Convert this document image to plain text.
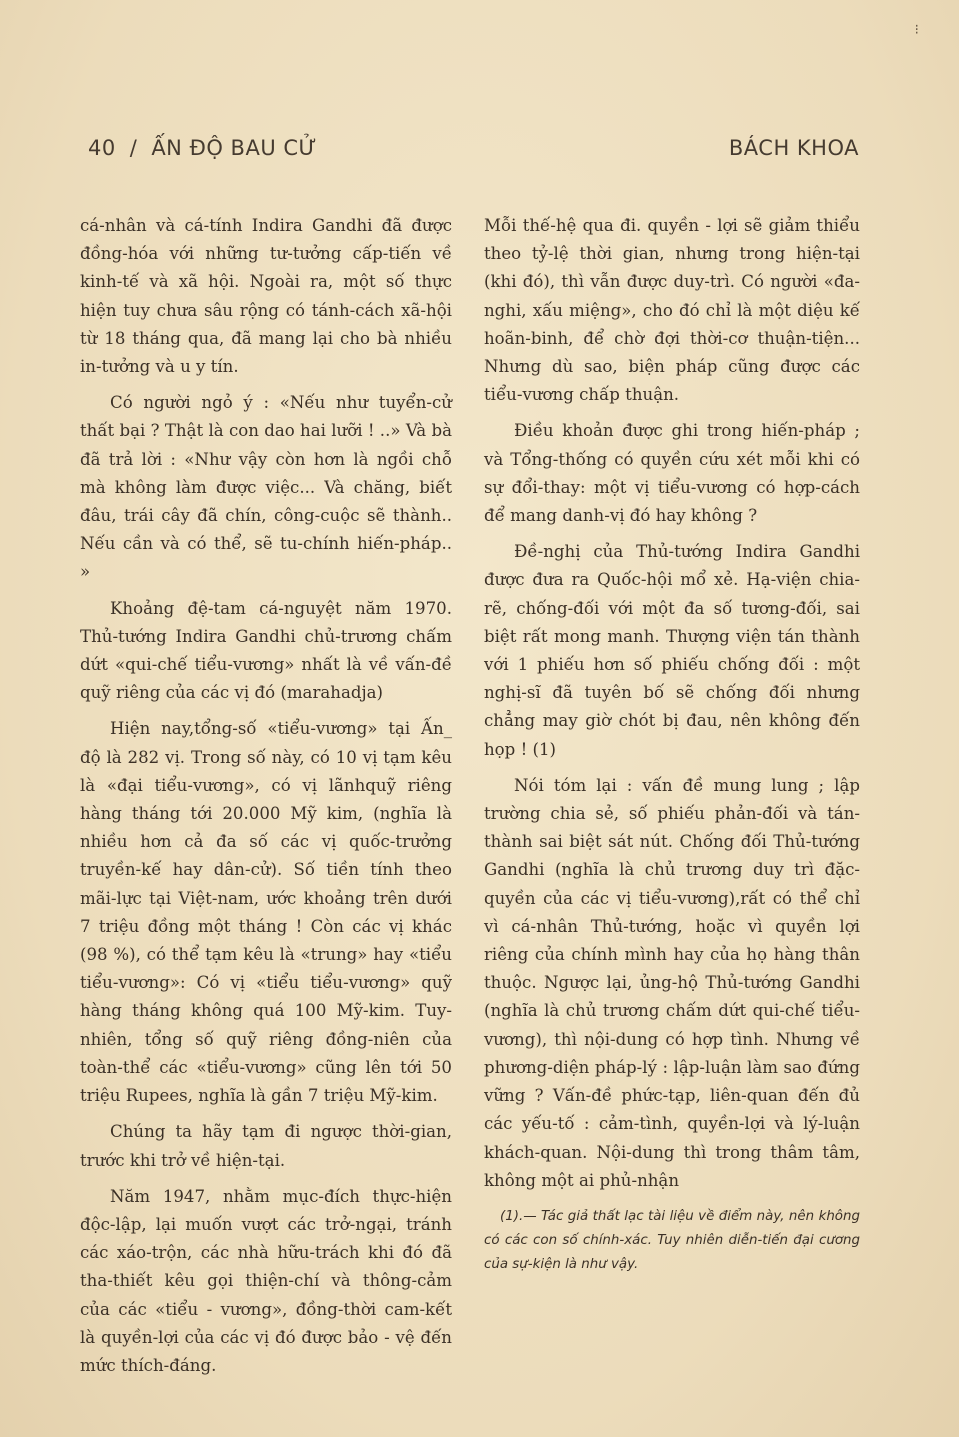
⁝
40 / ẤN ĐỘ BAU CỬ	BÁCH KHOA

cá-nhân và cá-tính Indira Gandhi đã được đồng-hóa với những tư-tưởng cấp-tiến về kinh-tế và xã hội. Ngoài ra, một số thực hiện tuy chưa sâu rộng có tánh-cách xã-hội từ 18 tháng qua, đã mang lại cho bà nhiều in-tưởng và u y tín.

Có người ngỏ ý : «Nếu như tuyển-cử thất bại ? Thật là con dao hai lưỡi ! ..» Và bà đã trả lời : «Như vậy còn hơn là ngồi chỗ mà không làm được việc... Và chăng, biết đâu, trái cây đã chín, công-cuộc sẽ thành.. Nếu cần và có thể, sẽ tu-chính hiến-pháp.. »

Khoảng đệ-tam cá-nguyệt năm 1970. Thủ-tướng Indira Gandhi chủ-trương chấm dứt «qui-chế tiểu-vương» nhất là về vấn-đề quỹ riêng của các vị đó (marahadja)

Hiện nay,tổng-số «tiểu-vương» tại Ấn_ độ là 282 vị. Trong số này, có 10 vị tạm kêu là «đại tiểu-vương», có vị lãnhquỹ riêng hàng tháng tới 20.000 Mỹ kim, (nghĩa là nhiều hơn cả đa số các vị quốc-trưởng truyền-kế hay dân-cử). Số tiền tính theo mãi-lực tại Việt-nam, ước khoảng trên dưới 7 triệu đồng một tháng ! Còn các vị khác (98 %), có thể tạm kêu là «trung» hay «tiểu tiểu-vương»: Có vị «tiểu tiểu-vương» quỹ hàng tháng không quá 100 Mỹ-kim. Tuy-nhiên, tổng số quỹ riêng đồng-niên của toàn-thể các «tiểu-vương» cũng lên tới 50 triệu Rupees, nghĩa là gần 7 triệu Mỹ-kim.

Chúng ta hãy tạm đi ngược thời-gian, trước khi trở về hiện-tại.

Năm 1947, nhằm mục-đích thực-hiện độc-lập, lại muốn vượt các trở-ngại, tránh các xáo-trộn, các nhà hữu-trách khi đó đã tha-thiết kêu gọi thiện-chí và thông-cảm của các «tiểu - vương», đồng-thời cam-kết là quyền-lợi của các vị đó được bảo - vệ đến mức thích-đáng.

Mỗi thế-hệ qua đi. quyền - lợi sẽ giảm thiểu theo tỷ-lệ thời gian, nhưng trong hiện-tại (khi đó), thì vẫn được duy-trì. Có người «đa-nghi, xấu miệng», cho đó chỉ là một diệu kế hoãn-binh, để chờ đợi thời-cơ thuận-tiện... Nhưng dù sao, biện pháp cũng được các tiểu-vương chấp thuận.

Điều khoản được ghi trong hiến-pháp ; và Tổng-thống có quyền cứu xét mỗi khi có sự đổi-thay: một vị tiểu-vương có hợp-cách để mang danh-vị đó hay không ?

Đề-nghị của Thủ-tướng Indira Gandhi được đưa ra Quốc-hội mổ xẻ. Hạ-viện chia-rẽ, chống-đối với một đa số tương-đối, sai biệt rất mong manh. Thượng viện tán thành với 1 phiếu hơn số phiếu chống đối : một nghị-sĩ đã tuyên bố sẽ chống đối nhưng chẳng may giờ chót bị đau, nên không đến họp ! (1)

Nói tóm lại : vấn đề mung lung ; lập trường chia sẻ, số phiếu phản-đối và tán-thành sai biệt sát nút. Chống đối Thủ-tướng Gandhi (nghĩa là chủ trương duy trì đặc-quyền của các vị tiểu-vương),rất có thể chỉ vì cá-nhân Thủ-tướng, hoặc vì quyền lợi riêng của chính mình hay của họ hàng thân thuộc. Ngược lại, ủng-hộ Thủ-tướng Gandhi (nghĩa là chủ trương chấm dứt qui-chế tiểu-vương), thì nội-dung có hợp tình. Nhưng về phương-diện pháp-lý : lập-luận làm sao đứng vững ? Vấn-đề phức-tạp, liên-quan đến đủ các yếu-tố : cảm-tình, quyền-lợi và lý-luận khách-quan. Nội-dung thì trong thâm tâm, không một ai phủ-nhận

(1).— Tác giả thất lạc tài liệu về điểm này, nên không có các con số chính-xác. Tuy nhiên diễn-tiến đại cương của sự-kiện là như vậy.
